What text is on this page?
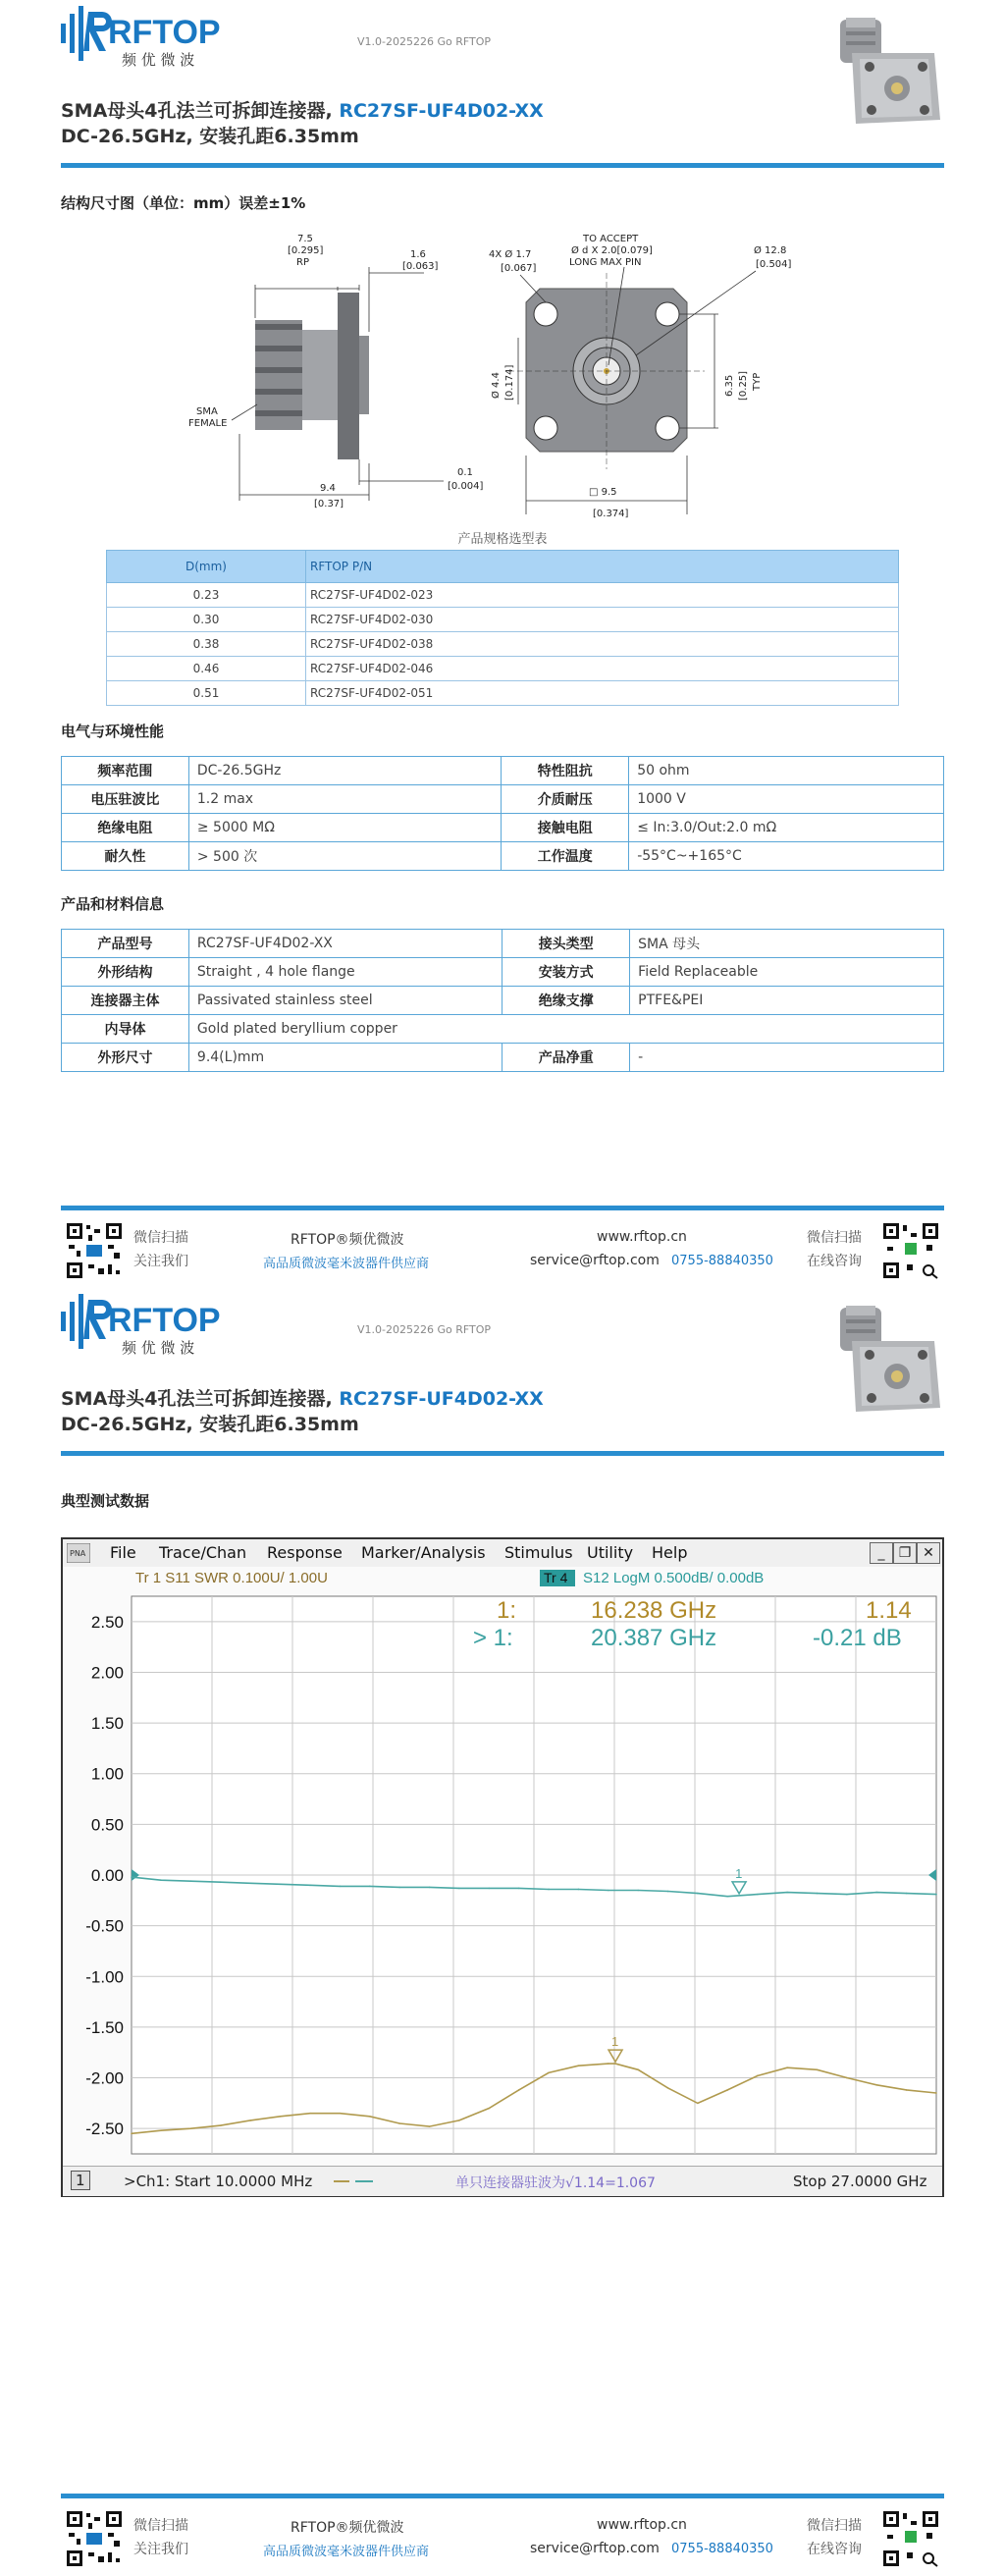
RFTOP
频 优 微 波
V1.0-2025226 Go RFTOP
SMA母头4孔法兰可拆卸连接器, RC27SF-UF4D02-XX
DC-26.5GHz, 安装孔距6.35mm
结构尺寸图（单位：mm）误差±1%
7.5
[0.295]
RP
1.6
[0.063]
SMA
FEMALE
9.4
[0.37]
0.1
[0.004]
4X Ø 1.7
[0.067]
TO ACCEPT
Ø d X 2.0[0.079]
LONG MAX PIN
Ø 12.8
[0.504]
Ø 4.4 [0.174]	6.35 [0.25] TYP
□ 9.5
[0.374]
产品规格选型表
D(mm)	RFTOP P/N
0.23	RC27SF-UF4D02-023
0.30	RC27SF-UF4D02-030
0.38	RC27SF-UF4D02-038
0.46	RC27SF-UF4D02-046
0.51	RC27SF-UF4D02-051
电气与环境性能
频率范围	DC-26.5GHz	特性阻抗	50 ohm
电压驻波比	1.2 max	介质耐压	1000 V
绝缘电阻	≥ 5000 MΩ	接触电阻	≤ In:3.0/Out:2.0 mΩ
耐久性	> 500 次	工作温度	-55°C~+165°C
产品和材料信息
产品型号	RC27SF-UF4D02-XX	接头类型	SMA 母头
外形结构	Straight , 4 hole flange	安装方式	Field Replaceable
连接器主体	Passivated stainless steel	绝缘支撑	PTFE&PEI
内导体	Gold plated beryllium copper		
外形尺寸	9.4(L)mm	产品净重	-
微信扫描
关注我们
RFTOP®频优微波
高品质微波毫米波器件供应商
www.rftop.cn
service@rftop.com 0755-88840350
微信扫描
在线咨询
RFTOP
频 优 微 波
V1.0-2025226 Go RFTOP
SMA母头4孔法兰可拆卸连接器, RC27SF-UF4D02-XX
DC-26.5GHz, 安装孔距6.35mm
典型测试数据
微信扫描
关注我们
RFTOP®频优微波
高品质微波毫米波器件供应商
www.rftop.cn
service@rftop.com 0755-88840350
微信扫描
在线咨询
PNA File Trace/Chan Response Marker/Analysis Stimulus Utility Help	_	❐ ✕
Tr 1 S11 SWR 0.100U/ 1.00U	Tr 4 S12 LogM 0.500dB/ 0.00dB
2.50
2.00
1.50
1.00
0.50
0.00
-0.50
-1.00
-1.50
-2.00
-2.50
1
1
1:	16.238 GHz	1.14
> 1:	20.387 GHz	-0.21 dB
1	>Ch1: Start 10.0000 MHz	单只连接器驻波为√1.14=1.067	Stop 27.0000 GHz
